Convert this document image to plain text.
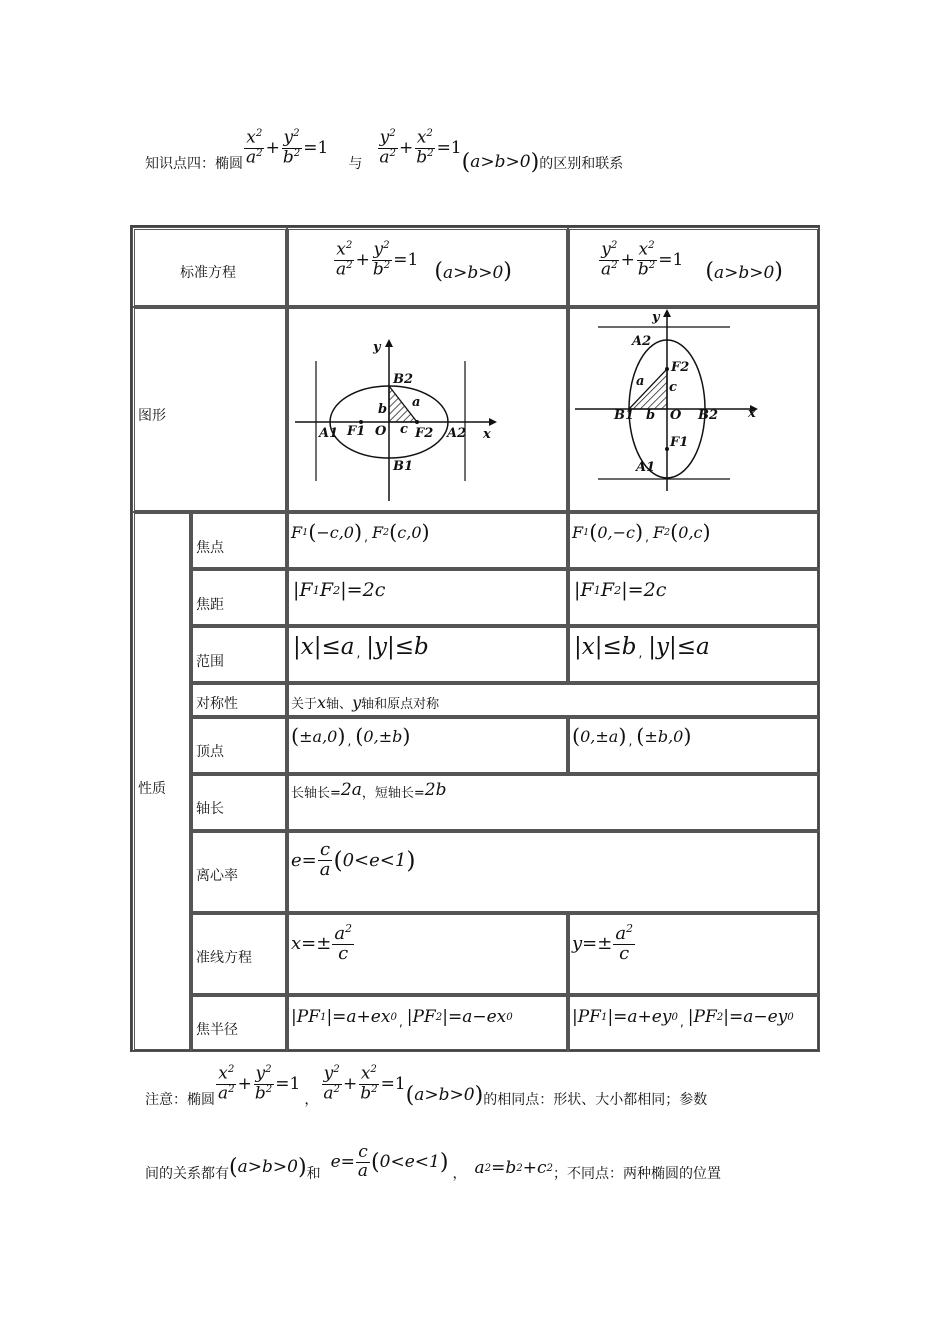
知识点四：椭圆 $\frac{x^2}{a^2} + \frac{y^2}{b^2} =1$
与 $\frac{y^2}{a^2} + \frac{x^2}{b^2} =1$
( a>b>0 ) 的区别和联系
标准方程	$\frac{x^2}{a^2} + \frac{y^2}{b^2} =1$ (a>b>0)	$\frac{y^2}{a^2} + \frac{x^2}{b^2} =1$ (a>b>0)
图形
y
x
B2
B1
A1	A2
F1	F2
O
a
b
c
y
x
A2
A1
B1	B2
F1
F2
O
a
b
c
性质
焦点
F 1 ( −c,0 ) , $F^2$ ( c,0 )	F 1 ( 0,−c ) , $F^2$ ( 0,c )
焦距
|F 1 F 2 |=2c	|F 1 F 2 |=2c
范围
|x|≤a , |y|≤b	|x|≤b , |y|≤a
对称性	关于x轴、y轴和原点对称
顶点
( ±a,0 ) , ( 0,±b )	( 0,±a ) , ( ±b,0 )
轴长
长轴长= 2a ，短轴长= 2b
离心率
$e= \frac{c}{a}$ ( 0<e<1 )
准线方程
$x=\pm \frac{a^2}{c}$	$y=\pm \frac{a^2}{c}$
焦半径
|PF 1 |=a+ex 0 , $|PF^2$ |=a−ex 0	|PF 1 |=a+ey 0 , $|PF^2$ |=a−ey 0
注意：椭圆 $\frac{x^2}{a^2} + \frac{y^2}{b^2} =1$
， $\frac{y^2}{a^2} + \frac{x^2}{b^2} =1$ ( a>b>0 ) 的相同点：形状、大小都相同；参数
间的关系都有 ( a>b>0 ) 和
$e= \frac{c}{a}$ ( 0<e<1 ) ， a 2 =b 2 +c 2 ；不同点：两种椭圆的位置
